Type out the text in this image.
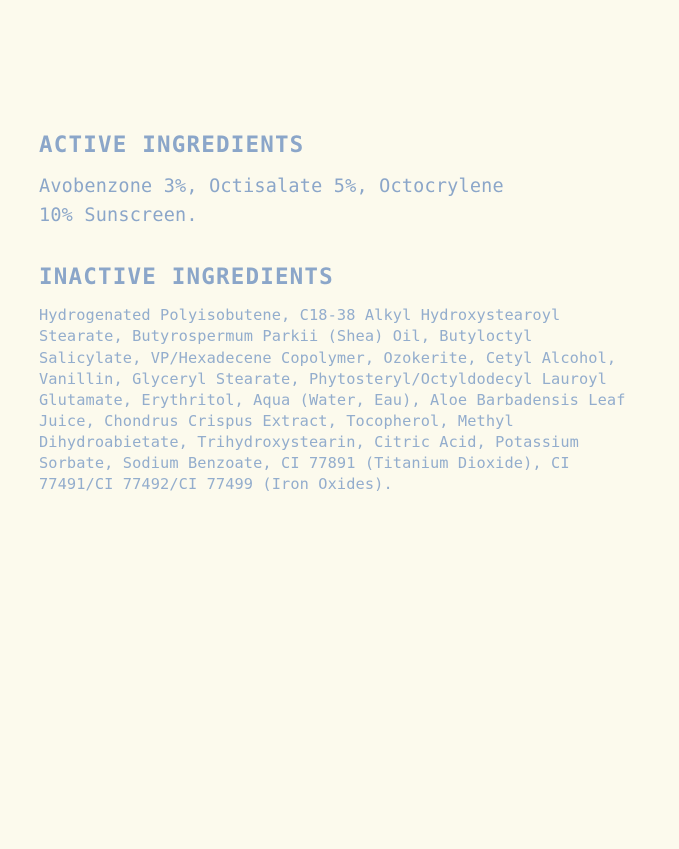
ACTIVE INGREDIENTS

Avobenzone 3%, Octisalate 5%, Octocrylene 10% Sunscreen.

INACTIVE INGREDIENTS

Hydrogenated Polyisobutene, C18-38 Alkyl Hydroxystearoyl Stearate, Butyrospermum Parkii (Shea) Oil, Butyloctyl Salicylate, VP/Hexadecene Copolymer, Ozokerite, Cetyl Alcohol, Vanillin, Glyceryl Stearate, Phytosteryl/Octyldodecyl Lauroyl Glutamate, Erythritol, Aqua (Water, Eau), Aloe Barbadensis Leaf Juice, Chondrus Crispus Extract, Tocopherol, Methyl Dihydroabietate, Trihydroxystearin, Citric Acid, Potassium Sorbate, Sodium Benzoate, CI 77891 (Titanium Dioxide), CI 77491/CI 77492/CI 77499 (Iron Oxides).
